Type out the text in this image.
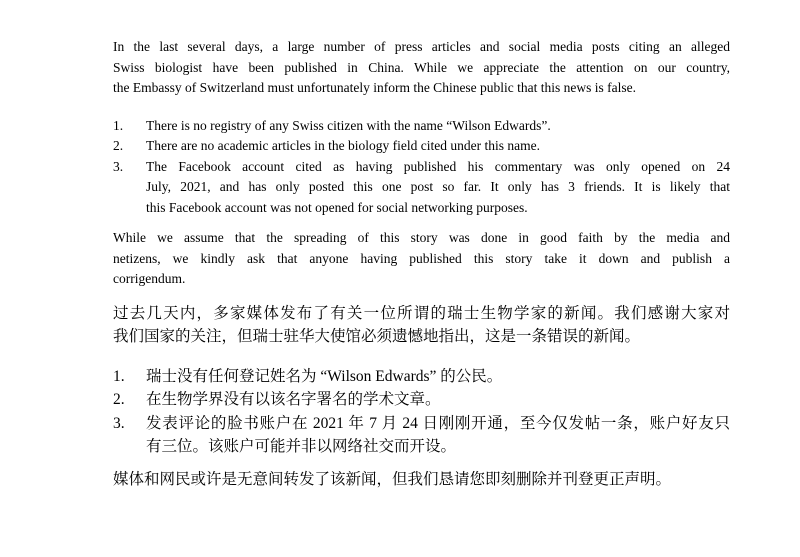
In the last several days, a large number of press articles and social media posts citing an alleged
Swiss biologist have been published in China. While we appreciate the attention on our country,
the Embassy of Switzerland must unfortunately inform the Chinese public that this news is false.
1.	There is no registry of any Swiss citizen with the name “Wilson Edwards”.
2.	There are no academic articles in the biology field cited under this name.
3.	The Facebook account cited as having published his commentary was only opened on 24
July, 2021, and has only posted this one post so far. It only has 3 friends. It is likely that
this Facebook account was not opened for social networking purposes.
While we assume that the spreading of this story was done in good faith by the media and
netizens, we kindly ask that anyone having published this story take it down and publish a
corrigendum.
过去几天内，多家媒体发布了有关一位所谓的瑞士生物学家的新闻。我们感谢大家对
我们国家的关注，但瑞士驻华大使馆必须遗憾地指出，这是一条错误的新闻。
1.	瑞士没有任何登记姓名为 “Wilson Edwards” 的公民。
2.	在生物学界没有以该名字署名的学术文章。
3.	发表评论的脸书账户在 2021 年 7 月 24 日刚刚开通，至今仅发帖一条，账户好友只
有三位。该账户可能并非以网络社交而开设。
媒体和网民或许是无意间转发了该新闻，但我们恳请您即刻删除并刊登更正声明。
